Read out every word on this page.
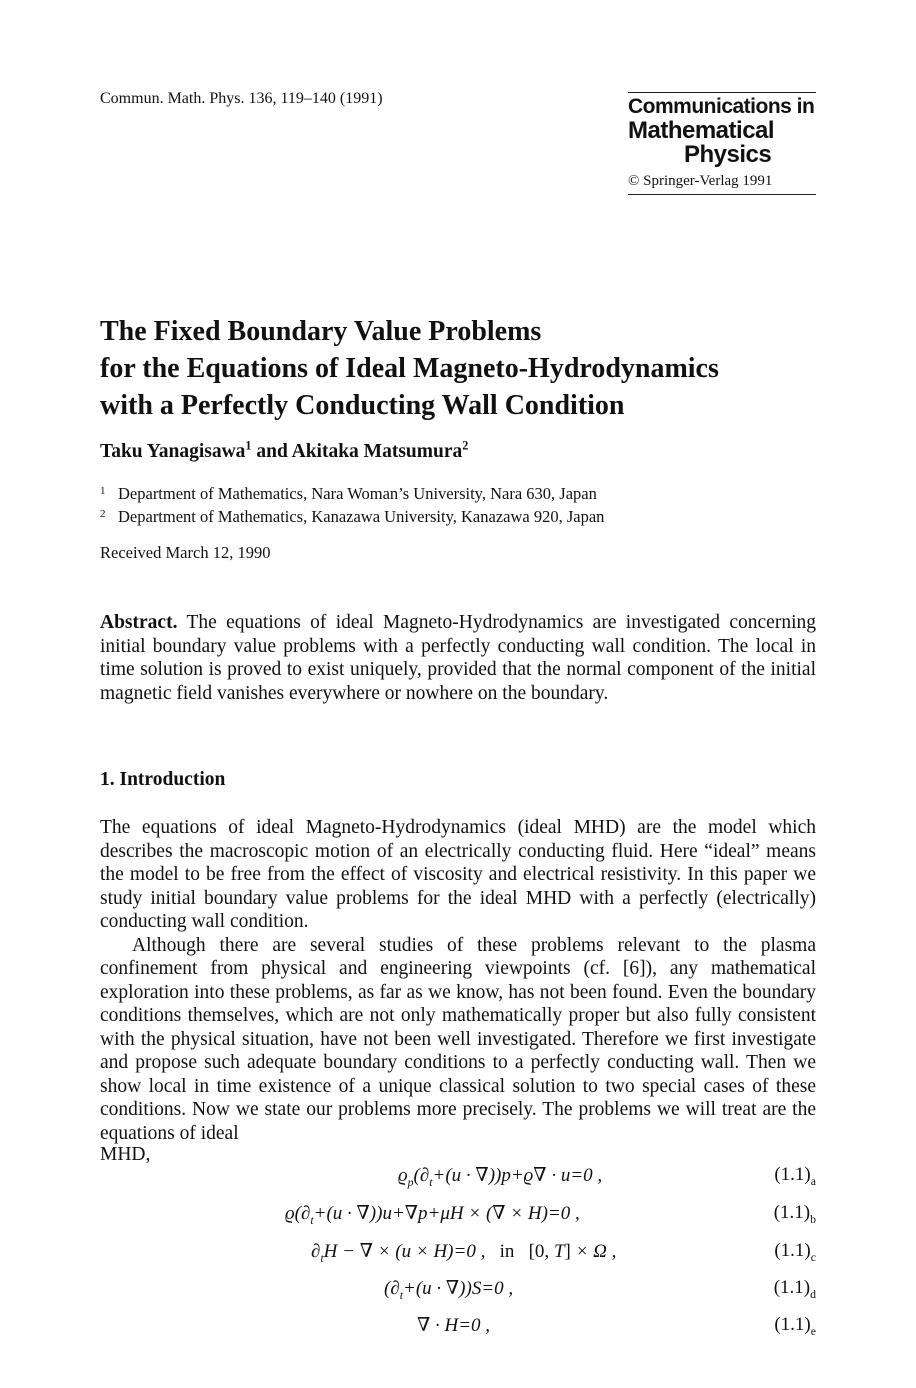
Commun. Math. Phys. 136, 119–140 (1991)	Communications in
Mathematical
Physics
© Springer-Verlag 1991
The Fixed Boundary Value Problems
for the Equations of Ideal Magneto-Hydrodynamics
with a Perfectly Conducting Wall Condition
Taku Yanagisawa$^1$ and Akitaka Matsumura$^2$
1 Department of Mathematics, Nara Woman’s University, Nara 630, Japan
2 Department of Mathematics, Kanazawa University, Kanazawa 920, Japan
Received March 12, 1990
Abstract. The equations of ideal Magneto-Hydrodynamics are investigated concerning initial boundary value problems with a perfectly conducting wall condition. The local in time solution is proved to exist uniquely, provided that the normal component of the initial magnetic field vanishes everywhere or nowhere on the boundary.
1. Introduction

The equations of ideal Magneto-Hydrodynamics (ideal MHD) are the model which describes the macroscopic motion of an electrically conducting fluid. Here “ideal” means the model to be free from the effect of viscosity and electrical resistivity. In this paper we study initial boundary value problems for the ideal MHD with a perfectly (electrically) conducting wall condition.

Although there are several studies of these problems relevant to the plasma confinement from physical and engineering viewpoints (cf. [6]), any mathematical exploration into these problems, as far as we know, has not been found. Even the boundary conditions themselves, which are not only mathematically proper but also fully consistent with the physical situation, have not been well investigated. Therefore we first investigate and propose such adequate boundary conditions to a perfectly conducting wall. Then we show local in time existence of a unique classical solution to two special cases of these conditions. Now we state our problems more precisely. The problems we will treat are the equations of ideal

MHD,
$ϱ_p(\partial_t+(u \cdot \nabla))p+ϱ\nabla \cdot u=0$ ,	$(1.1)_a$
$ϱ(\partial_t+(u \cdot \nabla))u+\nabla p+\mu H$ × (∇ × H)=0 ,	$(1.1)_b$
$\partial_tH$ − ∇ × (u × H)=0 ,   in [0, T] × Ω ,	$(1.1)_c$
$(\partial_t+(u \cdot \nabla))S=0$ ,	$(1.1)_d$
∇ · H=0 ,	$(1.1)_e$
